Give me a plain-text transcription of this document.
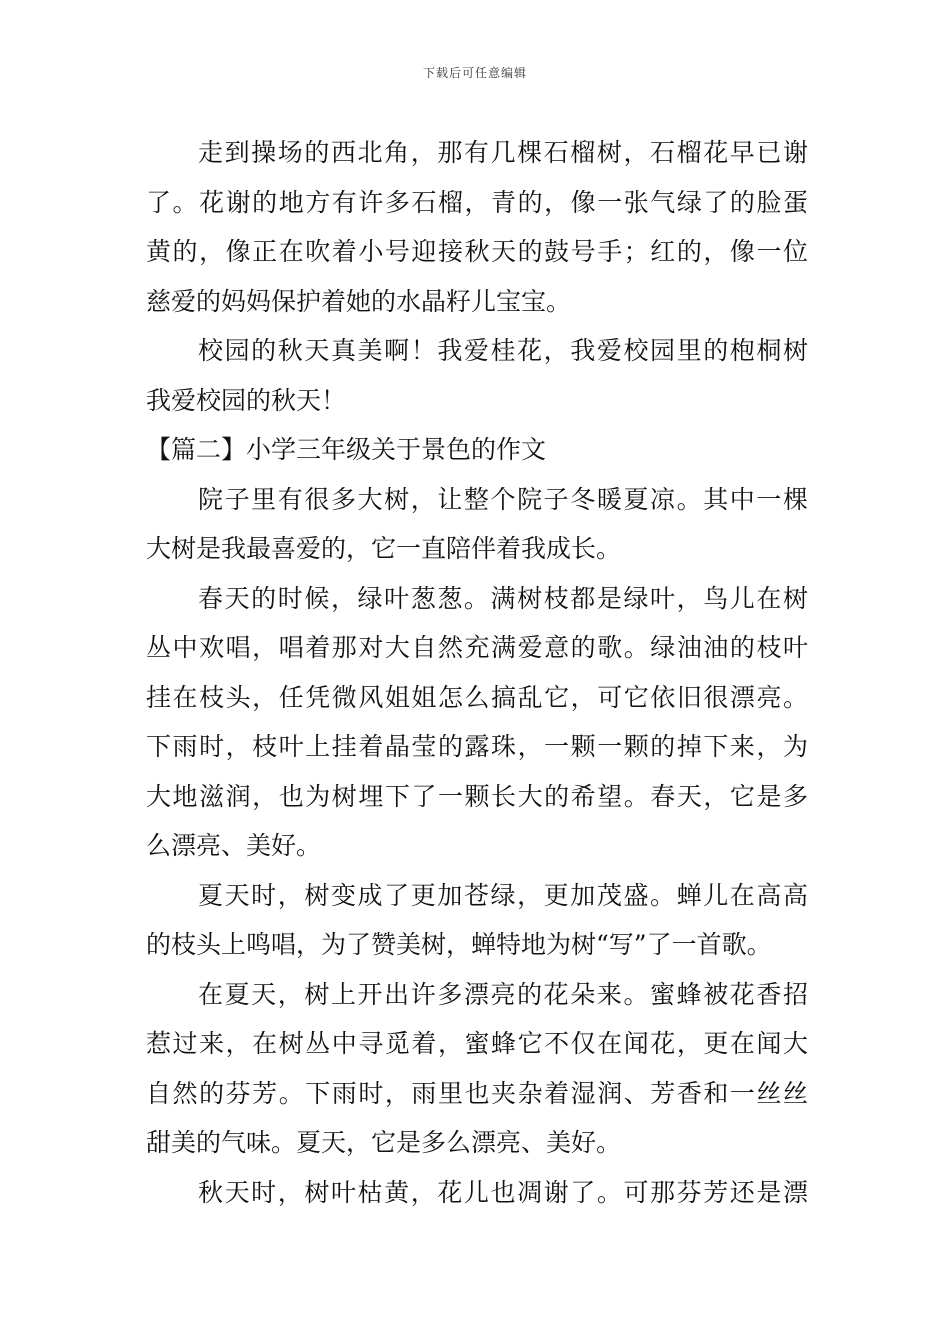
下载后可任意编辑
走到操场的西北角，那有几棵石榴树，石榴花早已谢
了。花谢的地方有许多石榴，青的，像一张气绿了的脸蛋
黄的，像正在吹着小号迎接秋天的鼓号手；红的，像一位
慈爱的妈妈保护着她的水晶籽儿宝宝。
校园的秋天真美啊！我爱桂花，我爱校园里的枹桐树
我爱校园的秋天！
【篇二】小学三年级关于景色的作文
院子里有很多大树，让整个院子冬暖夏凉。其中一棵
大树是我最喜爱的，它一直陪伴着我成长。
春天的时候，绿叶葱葱。满树枝都是绿叶，鸟儿在树
丛中欢唱，唱着那对大自然充满爱意的歌。绿油油的枝叶
挂在枝头，任凭微风姐姐怎么搞乱它，可它依旧很漂亮。
下雨时，枝叶上挂着晶莹的露珠，一颗一颗的掉下来，为
大地滋润，也为树埋下了一颗长大的希望。春天，它是多
么漂亮、美好。
夏天时，树变成了更加苍绿，更加茂盛。蝉儿在高高
的枝头上鸣唱，为了赞美树，蝉特地为树“写”了一首歌。
在夏天，树上开出许多漂亮的花朵来。蜜蜂被花香招
惹过来，在树丛中寻觅着，蜜蜂它不仅在闻花，更在闻大
自然的芬芳。下雨时，雨里也夹杂着湿润、芳香和一丝丝
甜美的气味。夏天，它是多么漂亮、美好。
秋天时，树叶枯黄，花儿也凋谢了。可那芬芳还是漂
